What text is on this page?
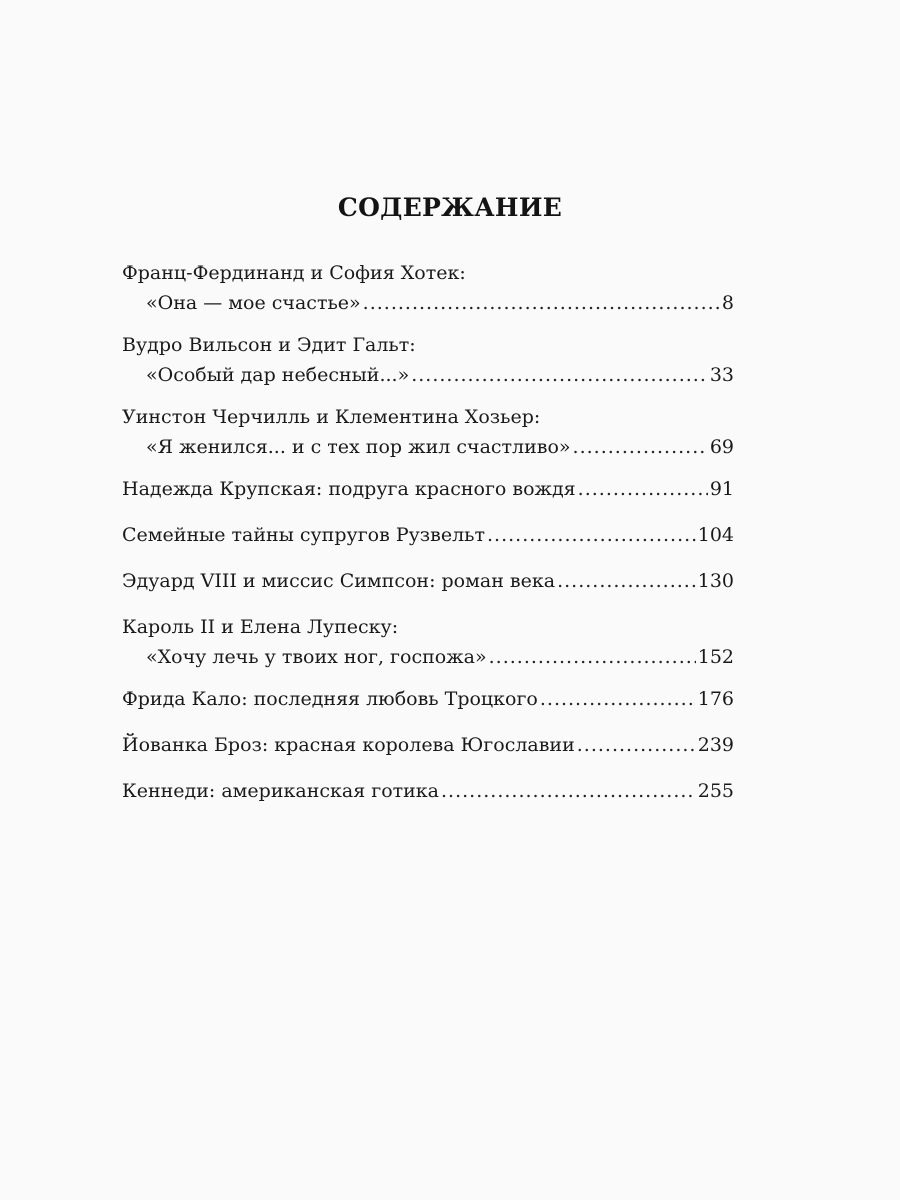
СОДЕРЖАНИЕ
Франц-Фердинанд и София Хотек:
«Она — мое счастье» .....	8
Вудро Вильсон и Эдит Гальт:
«Особый дар небесный...» .....	33
Уинстон Черчилль и Клементина Хозьер:
«Я женился... и с тех пор жил счастливо» .....	69
Надежда Крупская: подруга красного вождя .....	91
Семейные тайны супругов Рузвельт .....	104
Эдуард VIII и миссис Симпсон: роман века .....	130
Кароль II и Елена Лупеску:
«Хочу лечь у твоих ног, госпожа» .....	152
Фрида Кало: последняя любовь Троцкого .....	176
Йованка Броз: красная королева Югославии .....	239
Кеннеди: американская готика .....	255
